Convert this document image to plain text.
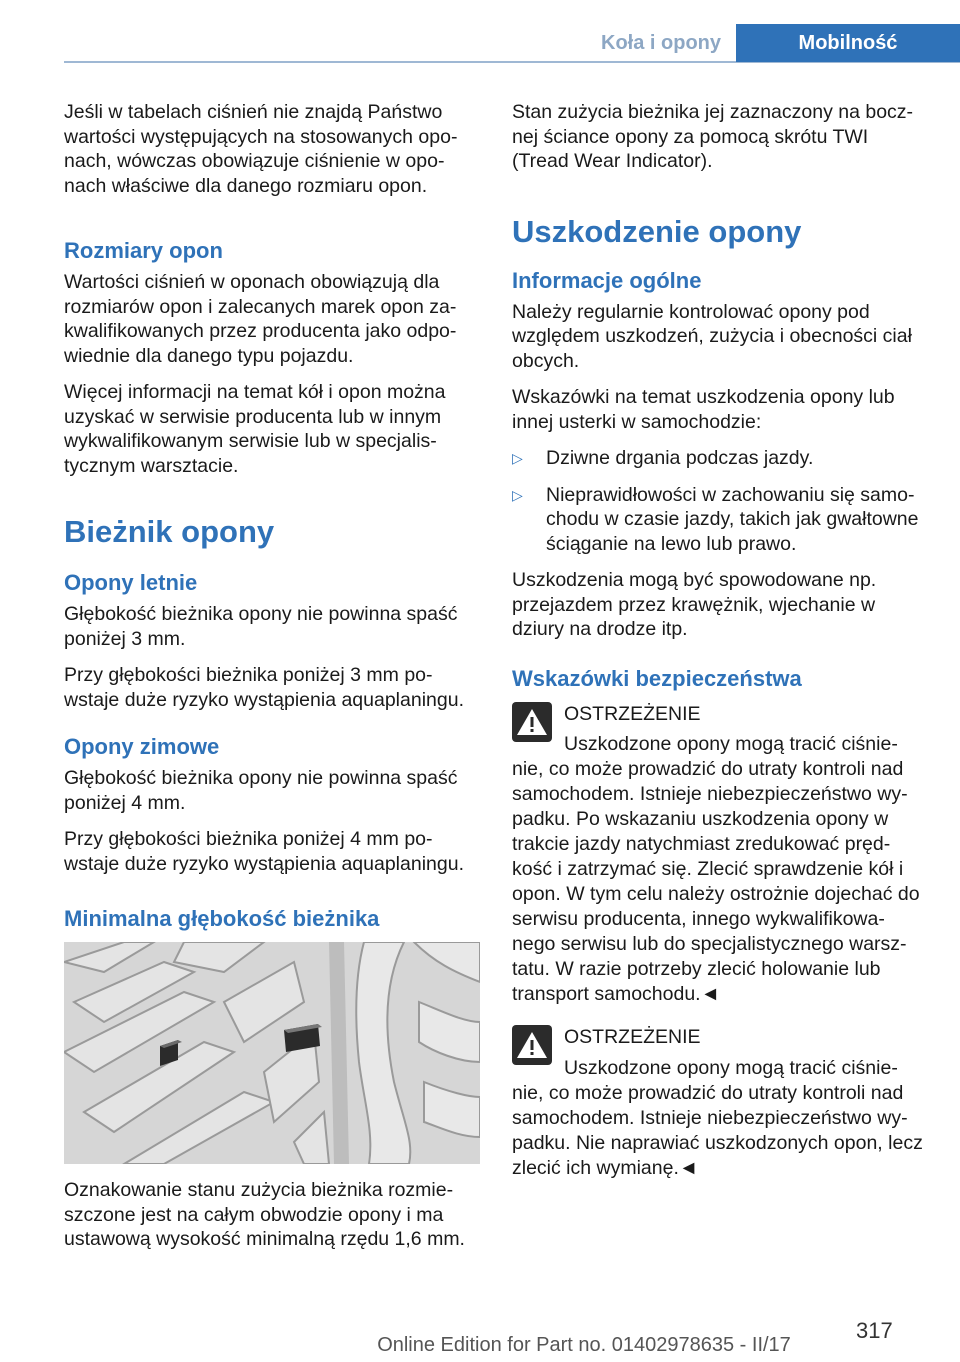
Koła i opony	Mobilność

Jeśli w tabelach ciśnień nie znajdą Państwo wartości występujących na stosowanych opo- nach, wówczas obowiązuje ciśnienie w opo- nach właściwe dla danego rozmiaru opon.

Rozmiary opon

Wartości ciśnień w oponach obowiązują dla rozmiarów opon i zalecanych marek opon za- kwalifikowanych przez producenta jako odpo- wiednie dla danego typu pojazdu.

Więcej informacji na temat kół i opon można uzyskać w serwisie producenta lub w innym wykwalifikowanym serwisie lub w specjalis- tycznym warsztacie.

Bieżnik opony
Opony letnie

Głębokość bieżnika opony nie powinna spaść poniżej 3 mm.

Przy głębokości bieżnika poniżej 3 mm po- wstaje duże ryzyko wystąpienia aquaplaningu.

Opony zimowe

Głębokość bieżnika opony nie powinna spaść poniżej 4 mm.

Przy głębokości bieżnika poniżej 4 mm po- wstaje duże ryzyko wystąpienia aquaplaningu.

Minimalna głębokość bieżnika

Oznakowanie stanu zużycia bieżnika rozmie- szczone jest na całym obwodzie opony i ma ustawową wysokość minimalną rzędu 1,6 mm.

Stan zużycia bieżnika jej zaznaczony na bocz- nej ściance opony za pomocą skrótu TWI (Tread Wear Indicator).

Uszkodzenie opony
Informacje ogólne

Należy regularnie kontrolować opony pod względem uszkodzeń, zużycia i obecności ciał obcych.

Wskazówki na temat uszkodzenia opony lub innej usterki w samochodzie:

▷	Dziwne drgania podczas jazdy.
▷	Nieprawidłowości w zachowaniu się samo- chodu w czasie jazdy, takich jak gwałtowne ściąganie na lewo lub prawo.

Uszkodzenia mogą być spowodowane np. przejazdem przez krawężnik, wjechanie w dziury na drodze itp.

Wskazówki bezpieczeństwa

OSTRZEŻENIE

Uszkodzone opony mogą tracić ciśnie- nie, co może prowadzić do utraty kontroli nad samochodem. Istnieje niebezpieczeństwo wy- padku. Po wskazaniu uszkodzenia opony w trakcie jazdy natychmiast zredukować pręd- kość i zatrzymać się. Zlecić sprawdzenie kół i opon. W tym celu należy ostrożnie dojechać do serwisu producenta, innego wykwalifikowa- nego serwisu lub do specjalistycznego warsz- tatu. W razie potrzeby zlecić holowanie lub transport samochodu.◄

OSTRZEŻENIE

Uszkodzone opony mogą tracić ciśnie- nie, co może prowadzić do utraty kontroli nad samochodem. Istnieje niebezpieczeństwo wy- padku. Nie naprawiać uszkodzonych opon, lecz zlecić ich wymianę.◄

317
Online Edition for Part no. 01402978635 - II/17
